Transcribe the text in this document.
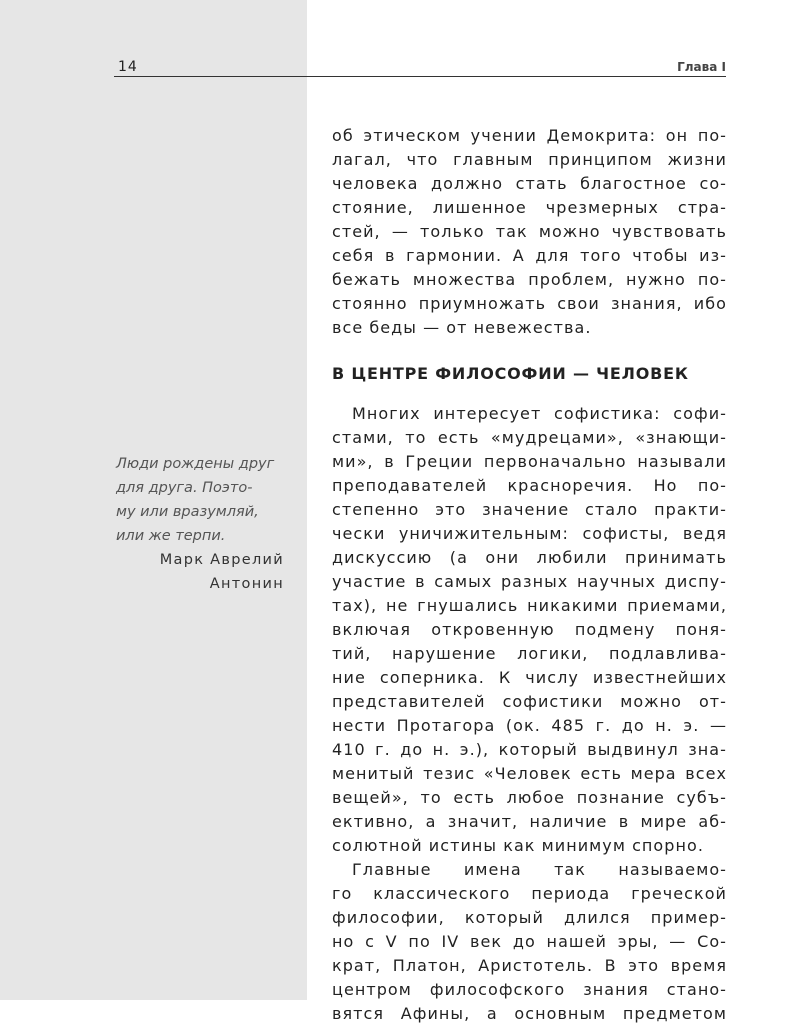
14	Глава I
Люди рождены друг
для друга. Поэто-
му или вразумляй,
или же терпи.
Марк Аврелий
Антонин
об этическом учении Демокрита: он по-
лагал, что главным принципом жизни
человека должно стать благостное со-
стояние, лишенное чрезмерных стра-
стей, — только так можно чувствовать
себя в гармонии. А для того чтобы из-
бежать множества проблем, нужно по-
стоянно приумножать свои знания, ибо
все беды — от невежества.
В ЦЕНТРЕ ФИЛОСОФИИ — ЧЕЛОВЕК
Многих интересует софистика: софи-
стами, то есть «мудрецами», «знающи-
ми», в Греции первоначально называли
преподавателей красноречия. Но по-
степенно это значение стало практи-
чески уничижительным: софисты, ведя
дискуссию (а они любили принимать
участие в самых разных научных диспу-
тах), не гнушались никакими приемами,
включая откровенную подмену поня-
тий, нарушение логики, подлавлива-
ние соперника. К числу известнейших
представителей софистики можно от-
нести Протагора (ок. 485 г. до н. э. —
410 г. до н. э.), который выдвинул зна-
менитый тезис «Человек есть мера всех
вещей», то есть любое познание субъ-
ективно, а значит, наличие в мире аб-
солютной истины как минимум спорно.
Главные имена так называемо-
го классического периода греческой
философии, который длился пример-
но с V по IV век до нашей эры, — Со-
крат, Платон, Аристотель. В это время
центром философского знания стано-
вятся Афины, а основным предметом
